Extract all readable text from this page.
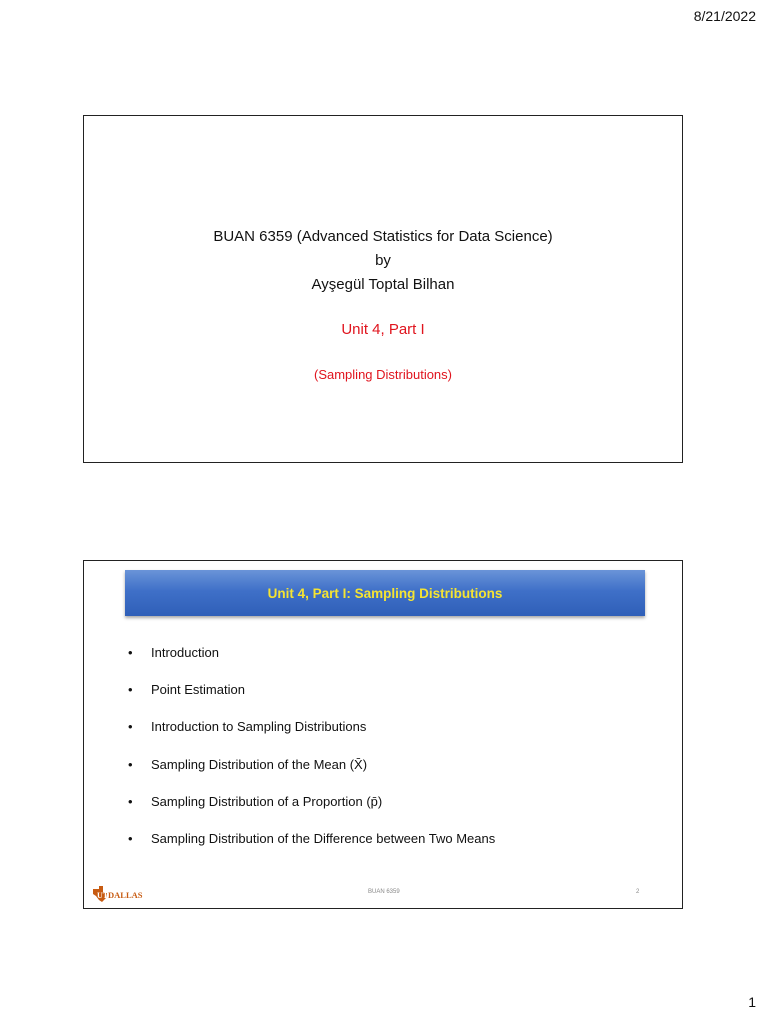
8/21/2022
BUAN 6359 (Advanced Statistics for Data Science)
by
Ayşegül Toptal Bilhan
Unit 4, Part I
(Sampling Distributions)
Unit 4, Part I: Sampling Distributions
• Introduction
• Point Estimation
• Introduction to Sampling Distributions
• Sampling Distribution of the Mean (X̄)
• Sampling Distribution of a Proportion (p̄)
• Sampling Distribution of the Difference between Two Means
UT DALLAS	BUAN 6359	2
1
